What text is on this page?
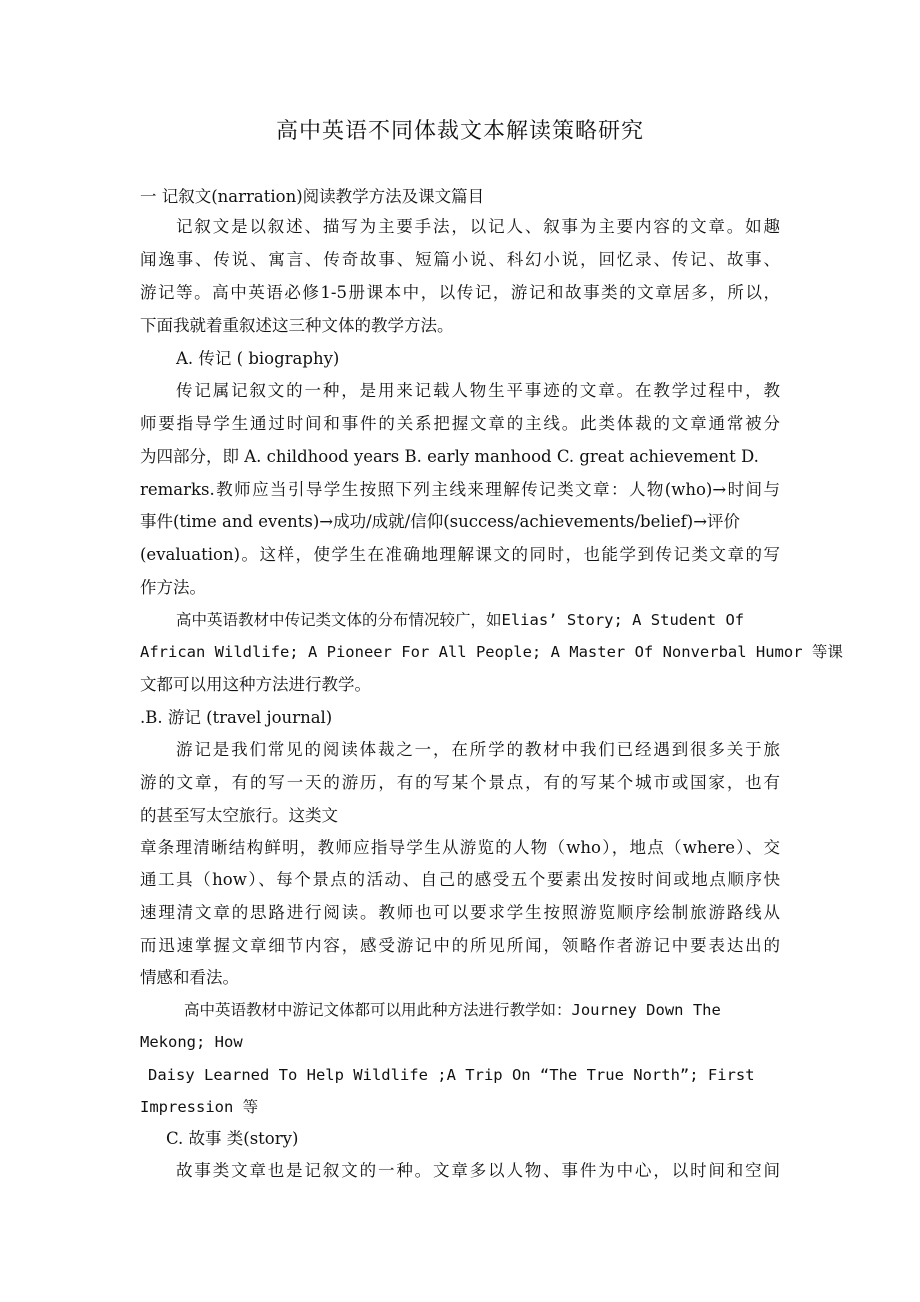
高中英语不同体裁文本解读策略研究
一 记叙文(narration)阅读教学方法及课文篇目
记叙文是以叙述、描写为主要手法，以记人、叙事为主要内容的文章。如趣
闻逸事、传说、寓言、传奇故事、短篇小说、科幻小说，回忆录、传记、故事、
游记等。高中英语必修1-5册课本中，以传记，游记和故事类的文章居多，所以，
下面我就着重叙述这三种文体的教学方法。
A. 传记 ( biography)
传记属记叙文的一种，是用来记载人物生平事迹的文章。在教学过程中，教
师要指导学生通过时间和事件的关系把握文章的主线。此类体裁的文章通常被分
为四部分，即 A. childhood years B. early manhood C. great achievement D.
remarks.教师应当引导学生按照下列主线来理解传记类文章：人物(who)→时间与
事件(time and events)→成功/成就/信仰(success/achievements/belief)→评价
(evaluation)。这样，使学生在准确地理解课文的同时，也能学到传记类文章的写
作方法。
高中英语教材中传记类文体的分布情况较广，如Elias’ Story; A Student Of
African Wildlife; A Pioneer For All People; A Master Of Nonverbal Humor 等课
文都可以用这种方法进行教学。
.B. 游记 (travel journal)
游记是我们常见的阅读体裁之一，在所学的教材中我们已经遇到很多关于旅
游的文章，有的写一天的游历，有的写某个景点，有的写某个城市或国家，也有
的甚至写太空旅行。这类文
章条理清晰结构鲜明，教师应指导学生从游览的人物（who），地点（where）、交
通工具（how）、每个景点的活动、自己的感受五个要素出发按时间或地点顺序快
速理清文章的思路进行阅读。教师也可以要求学生按照游览顺序绘制旅游路线从
而迅速掌握文章细节内容，感受游记中的所见所闻，领略作者游记中要表达出的
情感和看法。
高中英语教材中游记文体都可以用此种方法进行教学如：Journey Down The
Mekong; How
Daisy Learned To Help Wildlife ;A Trip On “The True North”; First
Impression 等
C. 故事 类(story)
故事类文章也是记叙文的一种。文章多以人物、事件为中心，以时间和空间
